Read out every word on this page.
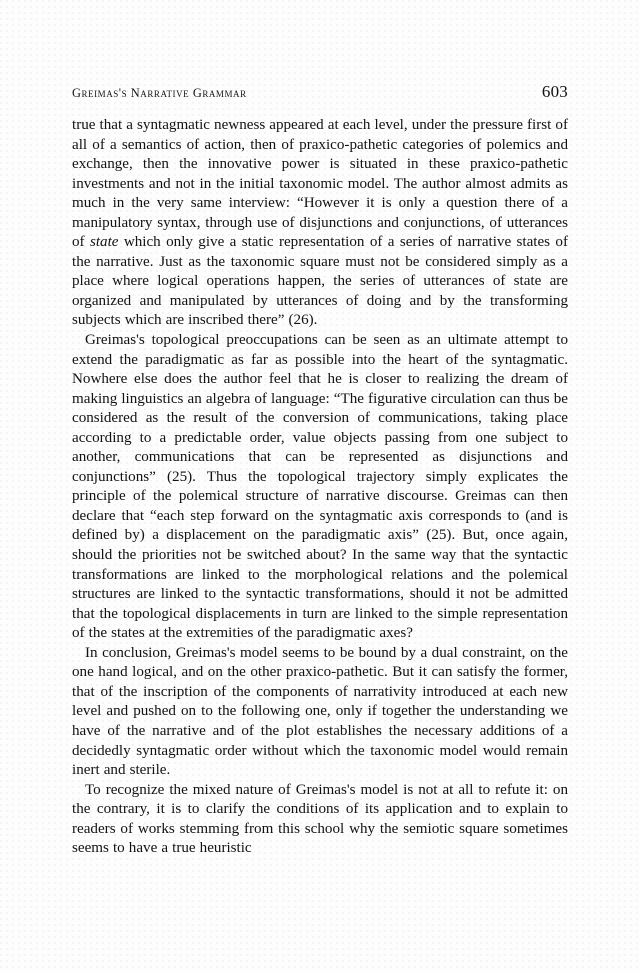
Greimas's Narrative Grammar	603

true that a syntagmatic newness appeared at each level, under the pressure first of all of a semantics of action, then of praxico-pathetic categories of polemics and exchange, then the innovative power is situated in these praxico-pathetic investments and not in the initial taxonomic model. The author almost admits as much in the very same interview: “However it is only a question there of a manipulatory syntax, through use of disjunctions and conjunctions, of utterances of state which only give a static representation of a series of narrative states of the narrative. Just as the taxonomic square must not be considered simply as a place where logical operations happen, the series of utterances of state are organized and manipulated by utterances of doing and by the transforming subjects which are inscribed there” (26).

Greimas's topological preoccupations can be seen as an ultimate attempt to extend the paradigmatic as far as possible into the heart of the syntagmatic. Nowhere else does the author feel that he is closer to realizing the dream of making linguistics an algebra of language: “The figurative circulation can thus be considered as the result of the conversion of communications, taking place according to a predictable order, value objects passing from one subject to another, communications that can be represented as disjunctions and conjunctions” (25). Thus the topological trajectory simply explicates the principle of the polemical structure of narrative discourse. Greimas can then declare that “each step forward on the syntagmatic axis corresponds to (and is defined by) a displacement on the paradigmatic axis” (25). But, once again, should the priorities not be switched about? In the same way that the syntactic transformations are linked to the morphological relations and the polemical structures are linked to the syntactic transformations, should it not be admitted that the topological displacements in turn are linked to the simple representation of the states at the extremities of the paradigmatic axes?

In conclusion, Greimas's model seems to be bound by a dual constraint, on the one hand logical, and on the other praxico-pathetic. But it can satisfy the former, that of the inscription of the components of narrativity introduced at each new level and pushed on to the following one, only if together the understanding we have of the narrative and of the plot establishes the necessary additions of a decidedly syntagmatic order without which the taxonomic model would remain inert and sterile.

To recognize the mixed nature of Greimas's model is not at all to refute it: on the contrary, it is to clarify the conditions of its application and to explain to readers of works stemming from this school why the semiotic square sometimes seems to have a true heuristic
